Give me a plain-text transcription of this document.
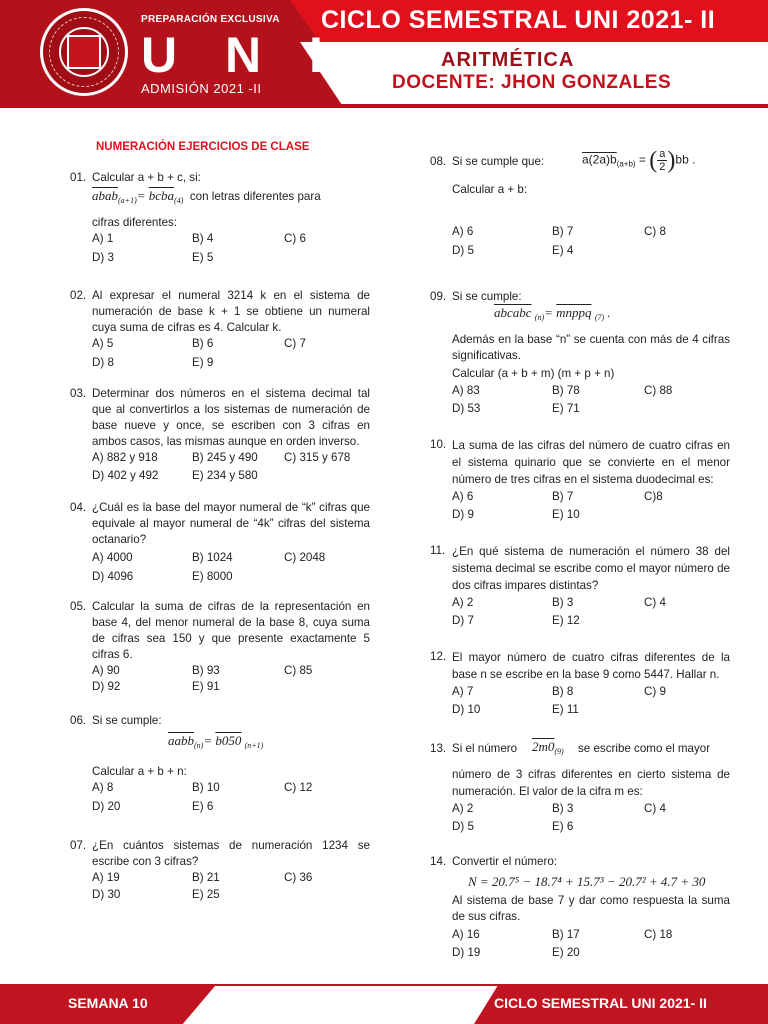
PREPARACIÓN EXCLUSIVA
U N I
ADMISIÓN 2021 -II
CICLO SEMESTRAL UNI 2021- II
ARITMÉTICA
DOCENTE: JHON GONZALES
NUMERACIÓN EJERCICIOS DE CLASE
01. Calcular a + b + c, si:
abab$_{(a+1)}$= bcba$_{(4)}$ con letras diferentes para
cifras diferentes:
A) 1	B) 4	C) 6
D) 3	E) 5
02. Al expresar el numeral 3214 k en el sistema de numeración de base k + 1 se obtiene un numeral cuya suma de cifras es 4. Calcular k.
A) 5	B) 6	C) 7
D) 8	E) 9
03. Determinar dos números en el sistema decimal tal que al convertirlos a los sistemas de numeración de base nueve y once, se escriben con 3 cifras en ambos casos, las mismas aunque en orden inverso.
A) 882 y 918	B) 245 y 490 C) 315 y 678
D) 402 y 492	E) 234 y 580
04. ¿Cuál es la base del mayor numeral de “k” cifras que equivale al mayor numeral de “4k” cifras del sistema octanario?
A) 4000	B) 1024	C) 2048
D) 4096	E) 8000
05. Calcular la suma de cifras de la representación en base 4, del menor numeral de la base 8, cuya suma de cifras sea 150 y que presente exactamente 5 cifras 6.
A) 90	B) 93	C) 85
D) 92	E) 91
06. Si se cumple:
aabb$_{(n)}$= b050 $_{(n+1)}$
Calcular a + b + n:
A) 8	B) 10	C) 12
D) 20	E) 6
07. ¿En cuántos sistemas de numeración 1234 se escribe con 3 cifras?
A) 19	B) 21	C) 36
D) 30	E) 25
08. Si se cumple que:	$a(2a)b_{(a+b)}$ = ( $\frac{a}{2} )bb$ .
Calcular a + b:
A) 6	B) 7	C) 8
D) 5	E) 4
09. Si se cumple:
abcabc $_{(n)}$= mnppq $_{(7)}$ .
Además en la base “n” se cuenta con más de 4 cifras significativas.
Calcular (a + b + m) (m + p + n)
A) 83	B) 78	C) 88
D) 53	E) 71
10. La suma de las cifras del número de cuatro cifras en el sistema quinario que se convierte en el menor número de tres cifras en el sistema duodecimal es:
A) 6	B) 7	C)8
D) 9	E) 10
11. ¿En qué sistema de numeración el número 38 del sistema decimal se escribe como el mayor número de dos cifras impares distintas?
A) 2	B) 3	C) 4
D) 7	E) 12
12. El mayor número de cuatro cifras diferentes de la base n se escribe en la base 9 como 5447. Hallar n.
A) 7	B) 8	C) 9
D) 10	E) 11
13. Si el número $2m0_{(9)}$ se escribe como el mayor
número de 3 cifras diferentes en cierto sistema de numeración. El valor de la cifra m es:
A) 2	B) 3	C) 4
D) 5	E) 6
14. Convertir el número:
N = 20.7⁵ − 18.7⁴ + 15.7³ − 20.7² + 4.7 + 30
Al sistema de base 7 y dar como respuesta la suma de sus cifras.
A) 16	B) 17	C) 18
D) 19	E) 20
SEMANA 10	CICLO SEMESTRAL UNI 2021- II
